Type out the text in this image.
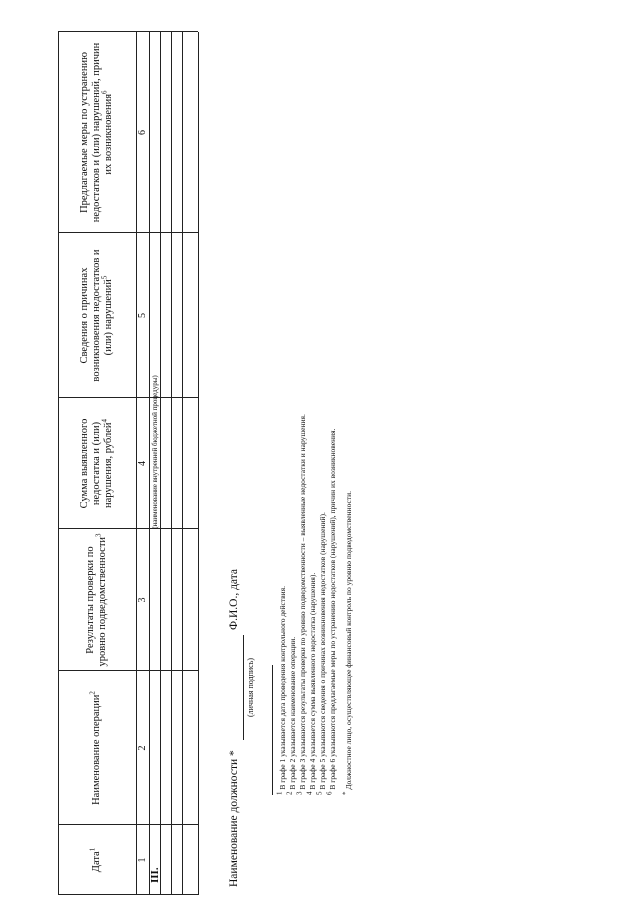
Дата$^1$
Наименование операции$^2$
Результаты проверки по уровню подведомственности$^3$
Сумма выявленного недостатка и (или) нарушения, рублей$^4$
Сведения о причинах возникновения недостатков и (или) нарушений$^5$
Предлагаемые меры по устранению недостатков и (или) нарушений, причин их возникновения$^6$
1
2
3
4
5
6
III.
(наименование внутренней бюджетной процедуры)
Наименование должности *
(личная подпись)
Ф.И.О., дата
1 В графе 1 указывается дата проведения контрольного действия.
2 В графе 2 указывается наименование операции.
3 В графе 3 указываются результаты проверки по уровню подведомственности – выявленные недостатки и нарушения.
4 В графе 4 указывается сумма выявленного недостатка (нарушения).
5 В графе 5 указываются сведения о причинах возникновения недостатков (нарушений).
6 В графе 6 указываются предлагаемые меры по устранению недостатков (нарушений), причин их возникновения.
* Должностное лицо, осуществляющее финансовый контроль по уровню подведомственности.
